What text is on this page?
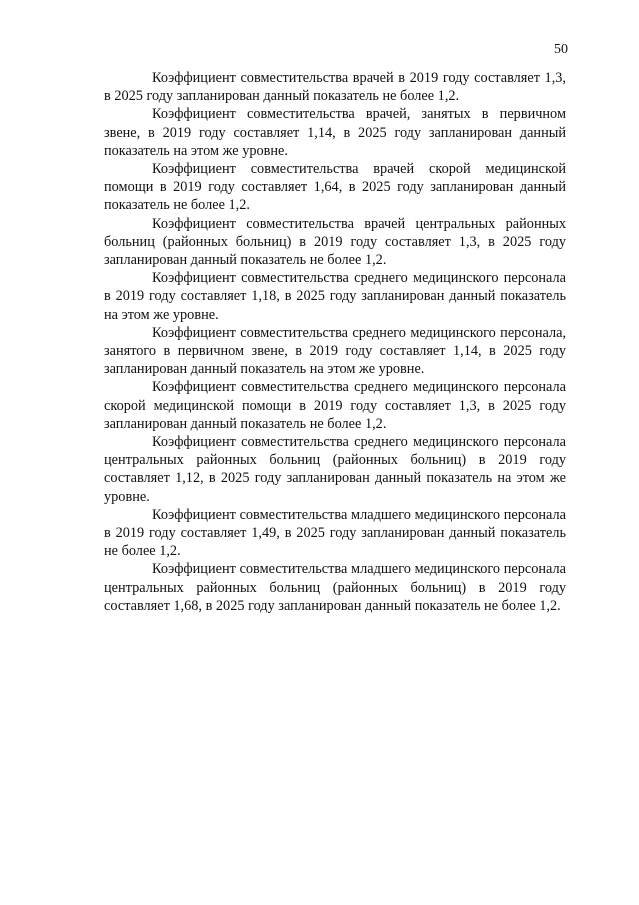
50

Коэффициент совместительства врачей в 2019 году составляет 1,3, в 2025 году запланирован данный показатель не более 1,2.

Коэффициент совместительства врачей, занятых в первичном звене, в 2019 году составляет 1,14, в 2025 году запланирован данный показатель на этом же уровне.

Коэффициент совместительства врачей скорой медицинской помощи в 2019 году составляет 1,64, в 2025 году запланирован данный показатель не более 1,2.

Коэффициент совместительства врачей центральных районных больниц (районных больниц) в 2019 году составляет 1,3, в 2025 году запланирован данный показатель не более 1,2.

Коэффициент совместительства среднего медицинского персонала в 2019 году составляет 1,18, в 2025 году запланирован данный показатель на этом же уровне.

Коэффициент совместительства среднего медицинского персонала, занятого в первичном звене, в 2019 году составляет 1,14, в 2025 году запланирован данный показатель на этом же уровне.

Коэффициент совместительства среднего медицинского персонала скорой медицинской помощи в 2019 году составляет 1,3, в 2025 году запланирован данный показатель не более 1,2.

Коэффициент совместительства среднего медицинского персонала центральных районных больниц (районных больниц) в 2019 году составляет 1,12, в 2025 году запланирован данный показатель на этом же уровне.

Коэффициент совместительства младшего медицинского персонала в 2019 году составляет 1,49, в 2025 году запланирован данный показатель не более 1,2.

Коэффициент совместительства младшего медицинского персонала центральных районных больниц (районных больниц) в 2019 году составляет 1,68, в 2025 году запланирован данный показатель не более 1,2.
